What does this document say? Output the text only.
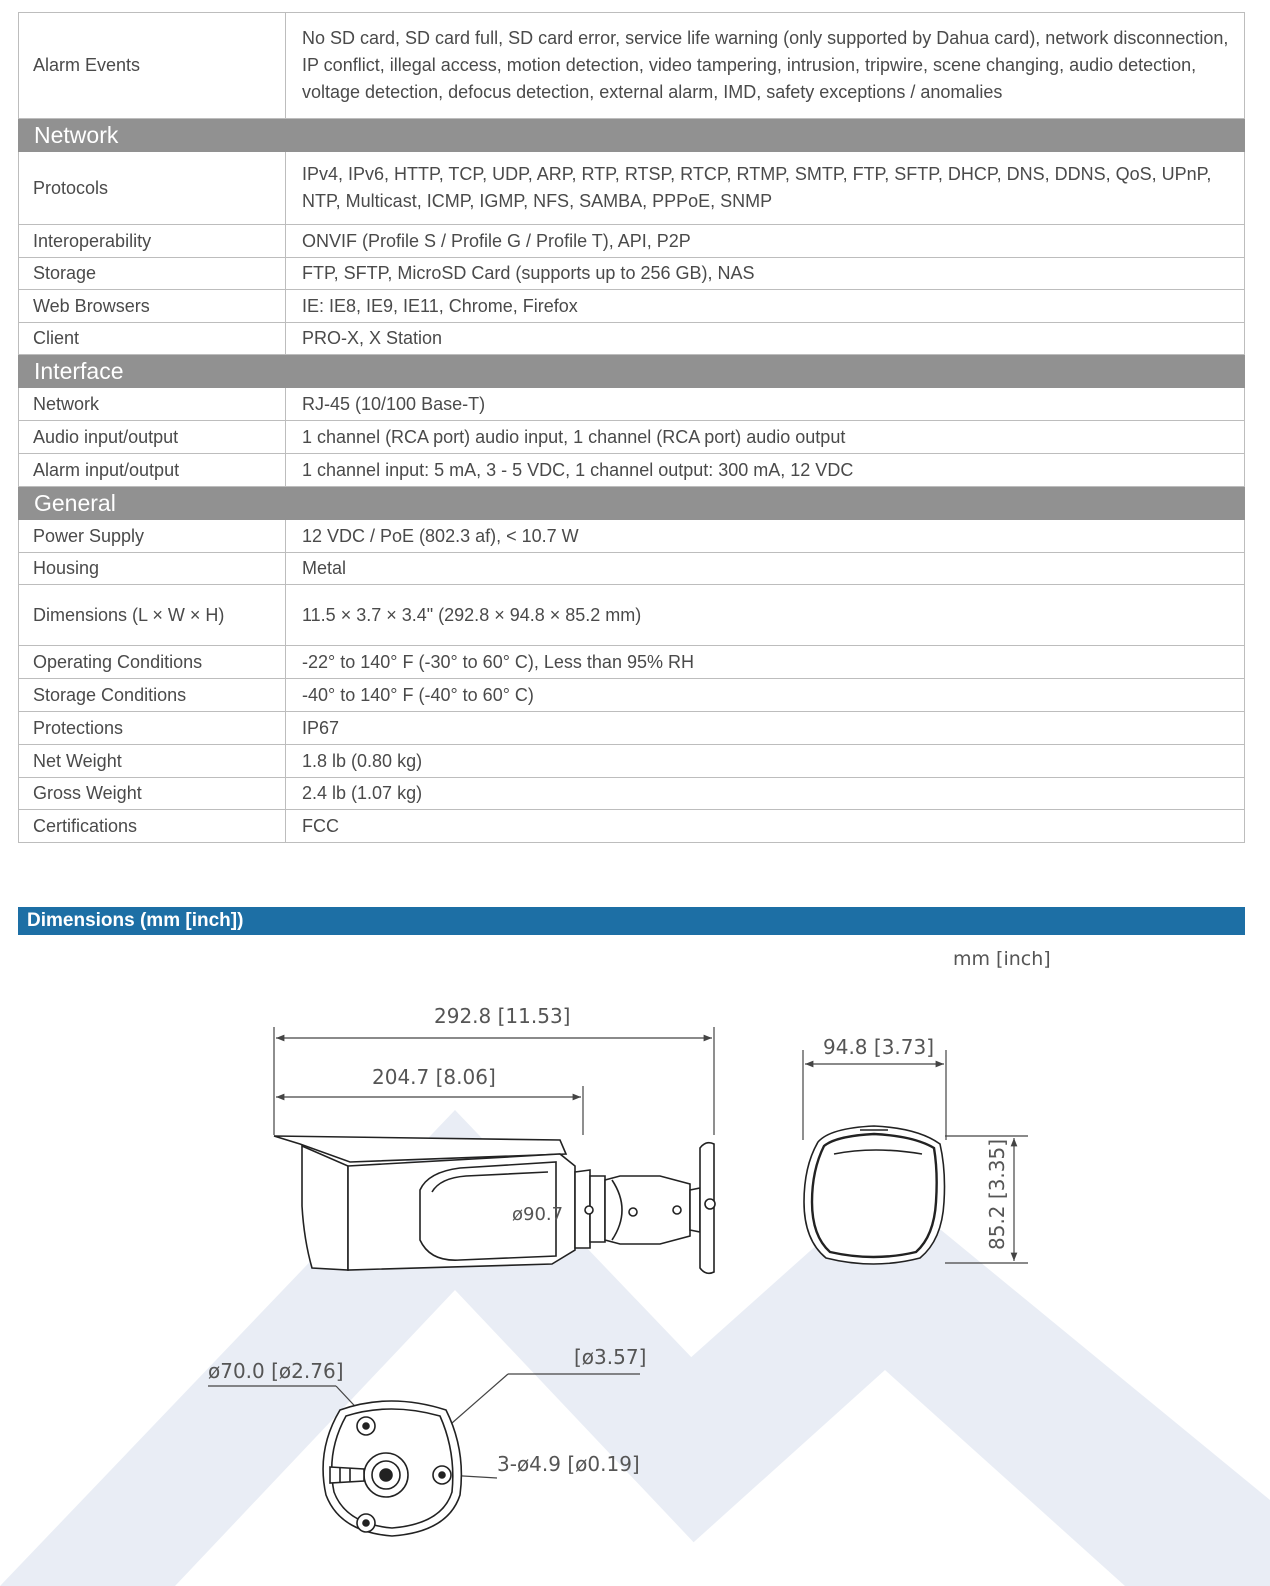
Alarm Events	No SD card, SD card full, SD card error, service life warning (only supported by Dahua card), network disconnection, IP conflict, illegal access, motion detection, video tampering, intrusion, tripwire, scene changing, audio detection, voltage detection, defocus detection, external alarm, IMD, safety exceptions / anomalies
Network	
Protocols	IPv4, IPv6, HTTP, TCP, UDP, ARP, RTP, RTSP, RTCP, RTMP, SMTP, FTP, SFTP, DHCP, DNS, DDNS, QoS, UPnP, NTP, Multicast, ICMP, IGMP, NFS, SAMBA, PPPoE, SNMP
Interoperability	ONVIF (Profile S / Profile G / Profile T), API, P2P
Storage	FTP, SFTP, MicroSD Card (supports up to 256 GB), NAS
Web Browsers	IE: IE8, IE9, IE11, Chrome, Firefox
Client	PRO-X, X Station
Interface	
Network	RJ-45 (10/100 Base-T)
Audio input/output	1 channel (RCA port) audio input, 1 channel (RCA port) audio output
Alarm input/output	1 channel input: 5 mA, 3 - 5 VDC, 1 channel output: 300 mA, 12 VDC
General	
Power Supply	12 VDC / PoE (802.3 af), < 10.7 W
Housing	Metal
Dimensions (L × W × H)	11.5 × 3.7 × 3.4" (292.8 × 94.8 × 85.2 mm)
Operating Conditions	-22° to 140° F (-30° to 60° C), Less than 95% RH
Storage Conditions	-40° to 140° F (-40° to 60° C)
Protections	IP67
Net Weight	1.8 lb (0.80 kg)
Gross Weight	2.4 lb (1.07 kg)
Certifications	FCC
Dimensions (mm [inch])
mm [inch]
292.8 [11.53]
204.7 [8.06]
ø90.7
94.8 [3.73]
85.2 [3.35]
ø70.0 [ø2.76]
[ø3.57]
3-ø4.9 [ø0.19]
